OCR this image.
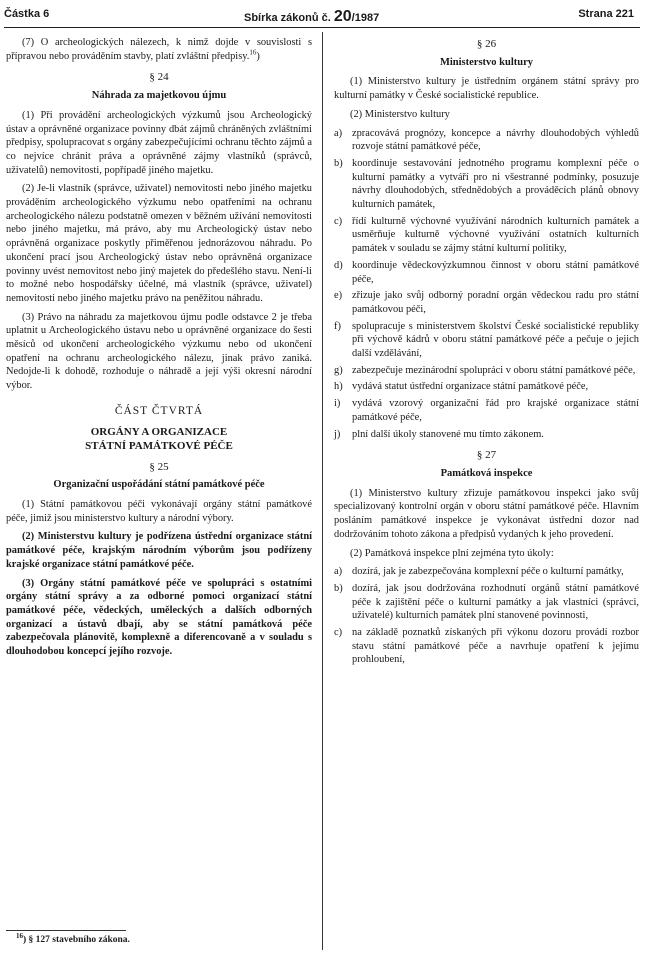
Částka 6	Sbírka zákonů č. 20/1987	Strana 221

(7) O archeologických nálezech, k nimž dojde v souvislosti s přípravou nebo prováděním stavby, platí zvláštní předpisy.$^{16}$)

§ 24
Náhrada za majetkovou újmu

(1) Při provádění archeologických výzkumů jsou Archeologický ústav a oprávněné organizace povinny dbát zájmů chráněných zvláštními předpisy, spolupracovat s orgány zabezpečujícími ochranu těchto zájmů a co nejvíce chránit práva a oprávněné zájmy vlastníků (správců, uživatelů) nemovitosti, popřípadě jiného majetku.

(2) Je-li vlastník (správce, uživatel) nemovitosti nebo jiného majetku prováděním archeologického výzkumu nebo opatřeními na ochranu archeologického nálezu podstatně omezen v běžném užívání nemovitosti nebo jiného majetku, má právo, aby mu Archeologický ústav nebo oprávněná organizace poskytly přiměřenou jednorázovou náhradu. Po ukončení prací jsou Archeologický ústav nebo oprávněná organizace povinny uvést nemovitost nebo jiný majetek do předešlého stavu. Není-li to možné nebo hospodářsky účelné, má vlastník (správce, uživatel) nemovitosti nebo jiného majetku právo na peněžitou náhradu.

(3) Právo na náhradu za majetkovou újmu podle odstavce 2 je třeba uplatnit u Archeologického ústavu nebo u oprávněné organizace do šesti měsíců od ukončení archeologického výzkumu nebo od ukončení opatření na ochranu archeologického nálezu, jinak právo zaniká. Nedojde-li k dohodě, rozhoduje o náhradě a její výši okresní národní výbor.

ČÁST ČTVRTÁ
ORGÁNY A ORGANIZACE
STÁTNÍ PAMÁTKOVÉ PÉČE
§ 25
Organizační uspořádání státní památkové péče

(1) Státní památkovou péči vykonávají orgány státní památkové péče, jimiž jsou ministerstvo kultury a národní výbory.

(2) Ministerstvu kultury je podřízena ústřední organizace státní památkové péče, krajským národním výborům jsou podřízeny krajské organizace státní památkové péče.

(3) Orgány státní památkové péče ve spolupráci s ostatními orgány státní správy a za odborné pomoci organizací státní památkové péče, vědeckých, uměleckých a dalších odborných organizací a ústavů dbají, aby se státní památková péče zabezpečovala plánovitě, komplexně a diferencovaně a v souladu s dlouhodobou koncepcí jejího rozvoje.

§ 26
Ministerstvo kultury

(1) Ministerstvo kultury je ústředním orgánem státní správy pro kulturní památky v České socialistické republice.

(2) Ministerstvo kultury

a) zpracovává prognózy, koncepce a návrhy dlouhodobých výhledů rozvoje státní památkové péče,
b) koordinuje sestavování jednotného programu komplexní péče o kulturní památky a vytváří pro ni všestranné podmínky, posuzuje návrhy dlouhodobých, střednědobých a prováděcích plánů obnovy kulturních památek,
c) řídí kulturně výchovné využívání národních kulturních památek a usměrňuje kulturně výchovné využívání ostatních kulturních památek v souladu se zájmy státní kulturní politiky,
d) koordinuje vědeckovýzkumnou činnost v oboru státní památkové péče,
e) zřizuje jako svůj odborný poradní orgán vědeckou radu pro státní památkovou péči,
f)	spolupracuje s ministerstvem školství České socialistické republiky při výchově kádrů v oboru státní památkové péče a pečuje o jejich další vzdělávání,
g) zabezpečuje mezinárodní spolupráci v oboru státní památkové péče,
h) vydává statut ústřední organizace státní památkové péče,
i)	vydává vzorový organizační řád pro krajské organizace státní památkové péče,
j)	plní další úkoly stanovené mu tímto zákonem.
§ 27
Památková inspekce

(1) Ministerstvo kultury zřizuje památkovou inspekci jako svůj specializovaný kontrolní orgán v oboru státní památkové péče. Hlavním posláním památkové inspekce je vykonávat ústřední dozor nad dodržováním tohoto zákona a předpisů vydaných k jeho provedení.

(2) Památková inspekce plní zejména tyto úkoly:

a) dozírá, jak je zabezpečována komplexní péče o kulturní památky,
b) dozírá, jak jsou dodržována rozhodnutí orgánů státní památkové péče k zajištění péče o kulturní památky a jak vlastníci (správci, uživatelé) kulturních památek plní stanovené povinnosti,
c) na základě poznatků získaných při výkonu dozoru provádí rozbor stavu státní památkové péče a navrhuje opatření k jejímu prohloubení,
$^{16}$) § 127 stavebního zákona.
